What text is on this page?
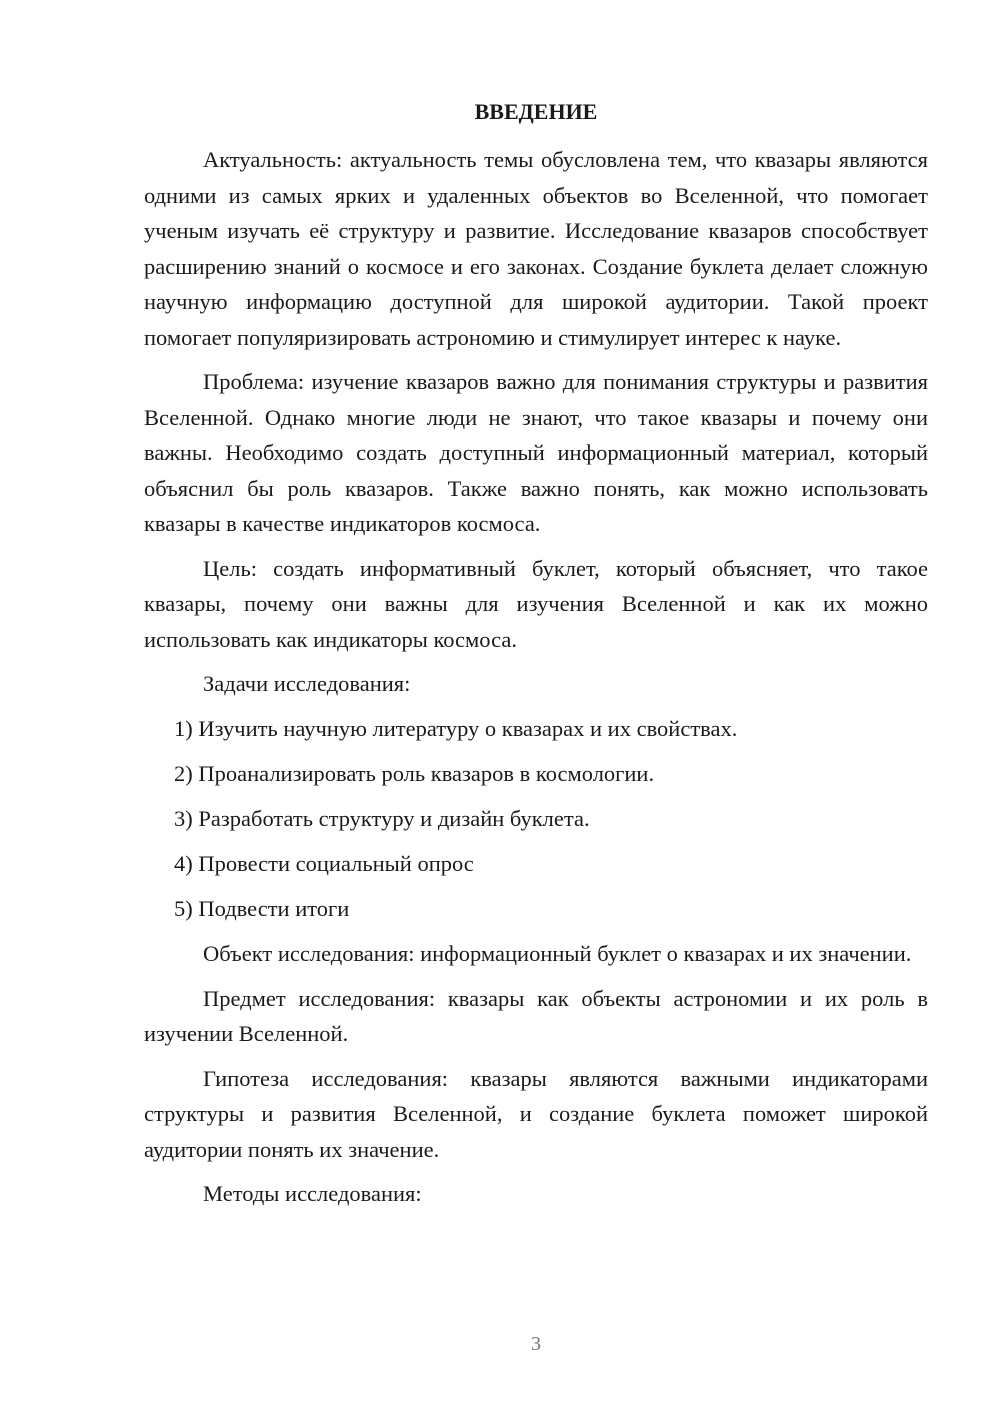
ВВЕДЕНИЕ

Актуальность: актуальность темы обусловлена тем, что квазары являются одними из самых ярких и удаленных объектов во Вселенной, что помогает ученым изучать её структуру и развитие. Исследование квазаров способствует расширению знаний о космосе и его законах. Создание буклета делает сложную научную информацию доступной для широкой аудитории. Такой проект помогает популяризировать астрономию и стимулирует интерес к науке.

Проблема: изучение квазаров важно для понимания структуры и развития Вселенной. Однако многие люди не знают, что такое квазары и почему они важны. Необходимо создать доступный информационный материал, который объяснил бы роль квазаров. Также важно понять, как можно использовать квазары в качестве индикаторов космоса.

Цель: создать информативный буклет, который объясняет, что такое квазары, почему они важны для изучения Вселенной и как их можно использовать как индикаторы космоса.

Задачи исследования:

1) Изучить научную литературу о квазарах и их свойствах.

2) Проанализировать роль квазаров в космологии.

3) Разработать структуру и дизайн буклета.

4) Провести социальный опрос

5) Подвести итоги

Объект исследования: информационный буклет о квазарах и их значении.

Предмет исследования: квазары как объекты астрономии и их роль в изучении Вселенной.

Гипотеза исследования: квазары являются важными индикаторами структуры и развития Вселенной, и создание буклета поможет широкой аудитории понять их значение.

Методы исследования:

3
